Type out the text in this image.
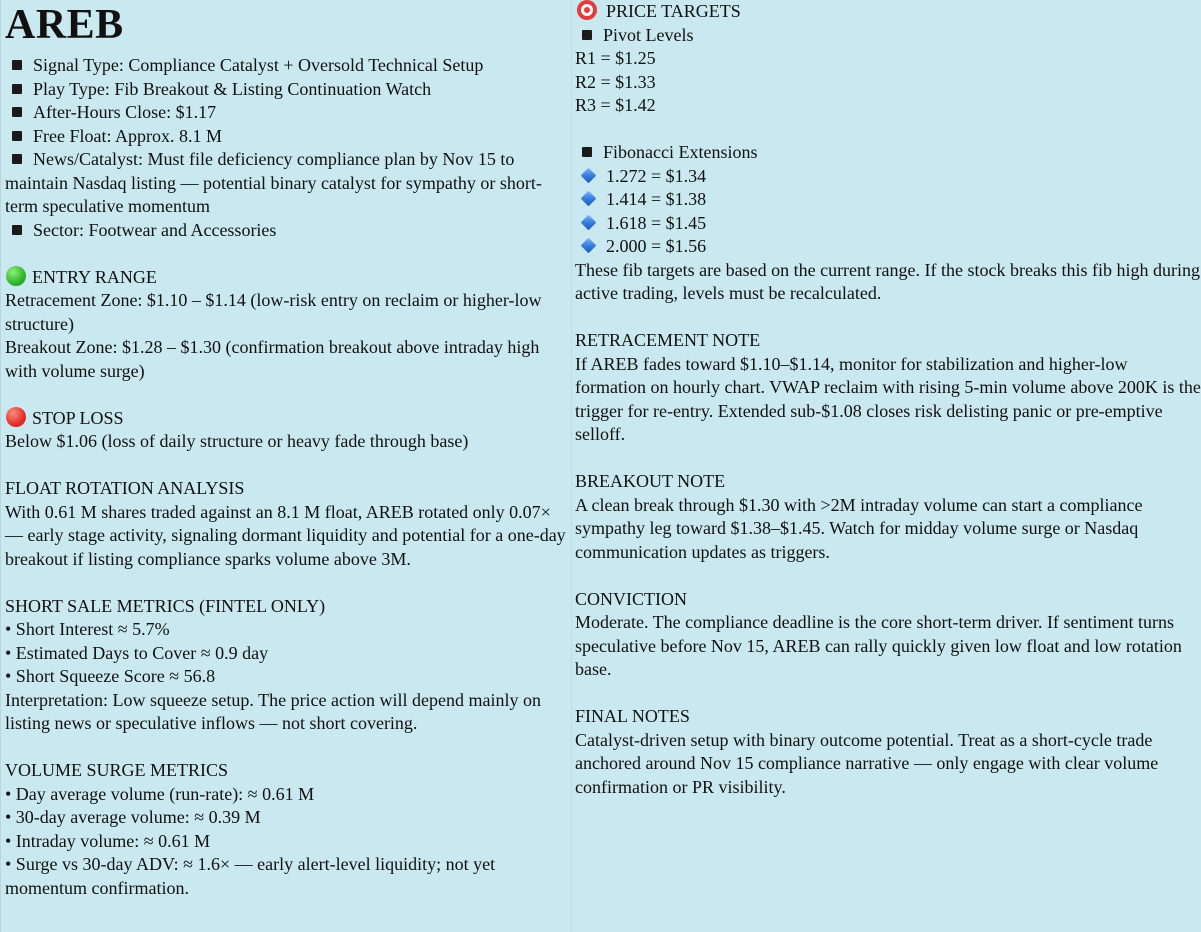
AREB
Signal Type: Compliance Catalyst + Oversold Technical Setup
Play Type: Fib Breakout & Listing Continuation Watch
After-Hours Close: $1.17
Free Float: Approx. 8.1 M
News/Catalyst: Must file deficiency compliance plan by Nov 15 to maintain Nasdaq listing — potential binary catalyst for sympathy or short-term speculative momentum
Sector: Footwear and Accessories
ENTRY RANGE
Retracement Zone: $1.10 – $1.14 (low-risk entry on reclaim or higher-low structure)
Breakout Zone: $1.28 – $1.30 (confirmation breakout above intraday high with volume surge)
STOP LOSS
Below $1.06 (loss of daily structure or heavy fade through base)
FLOAT ROTATION ANALYSIS
With 0.61 M shares traded against an 8.1 M float, AREB rotated only 0.07× — early stage activity, signaling dormant liquidity and potential for a one-day breakout if listing compliance sparks volume above 3M.
SHORT SALE METRICS (FINTEL ONLY)
• Short Interest ≈ 5.7%
• Estimated Days to Cover ≈ 0.9 day
• Short Squeeze Score ≈ 56.8
Interpretation: Low squeeze setup. The price action will depend mainly on listing news or speculative inflows — not short covering.
VOLUME SURGE METRICS
• Day average volume (run-rate): ≈ 0.61 M
• 30-day average volume: ≈ 0.39 M
• Intraday volume: ≈ 0.61 M
• Surge vs 30-day ADV: ≈ 1.6× — early alert-level liquidity; not yet momentum confirmation.
PRICE TARGETS
Pivot Levels
R1 = $1.25
R2 = $1.33
R3 = $1.42
Fibonacci Extensions
1.272 = $1.34
1.414 = $1.38
1.618 = $1.45
2.000 = $1.56
These fib targets are based on the current range. If the stock breaks this fib high during active trading, levels must be recalculated.
RETRACEMENT NOTE
If AREB fades toward $1.10–$1.14, monitor for stabilization and higher-low formation on hourly chart. VWAP reclaim with rising 5-min volume above 200K is the trigger for re-entry. Extended sub-$1.08 closes risk delisting panic or pre-emptive selloff.
BREAKOUT NOTE
A clean break through $1.30 with >2M intraday volume can start a compliance sympathy leg toward $1.38–$1.45. Watch for midday volume surge or Nasdaq communication updates as triggers.
CONVICTION
Moderate. The compliance deadline is the core short-term driver. If sentiment turns speculative before Nov 15, AREB can rally quickly given low float and low rotation base.
FINAL NOTES
Catalyst-driven setup with binary outcome potential. Treat as a short-cycle trade anchored around Nov 15 compliance narrative — only engage with clear volume confirmation or PR visibility.
